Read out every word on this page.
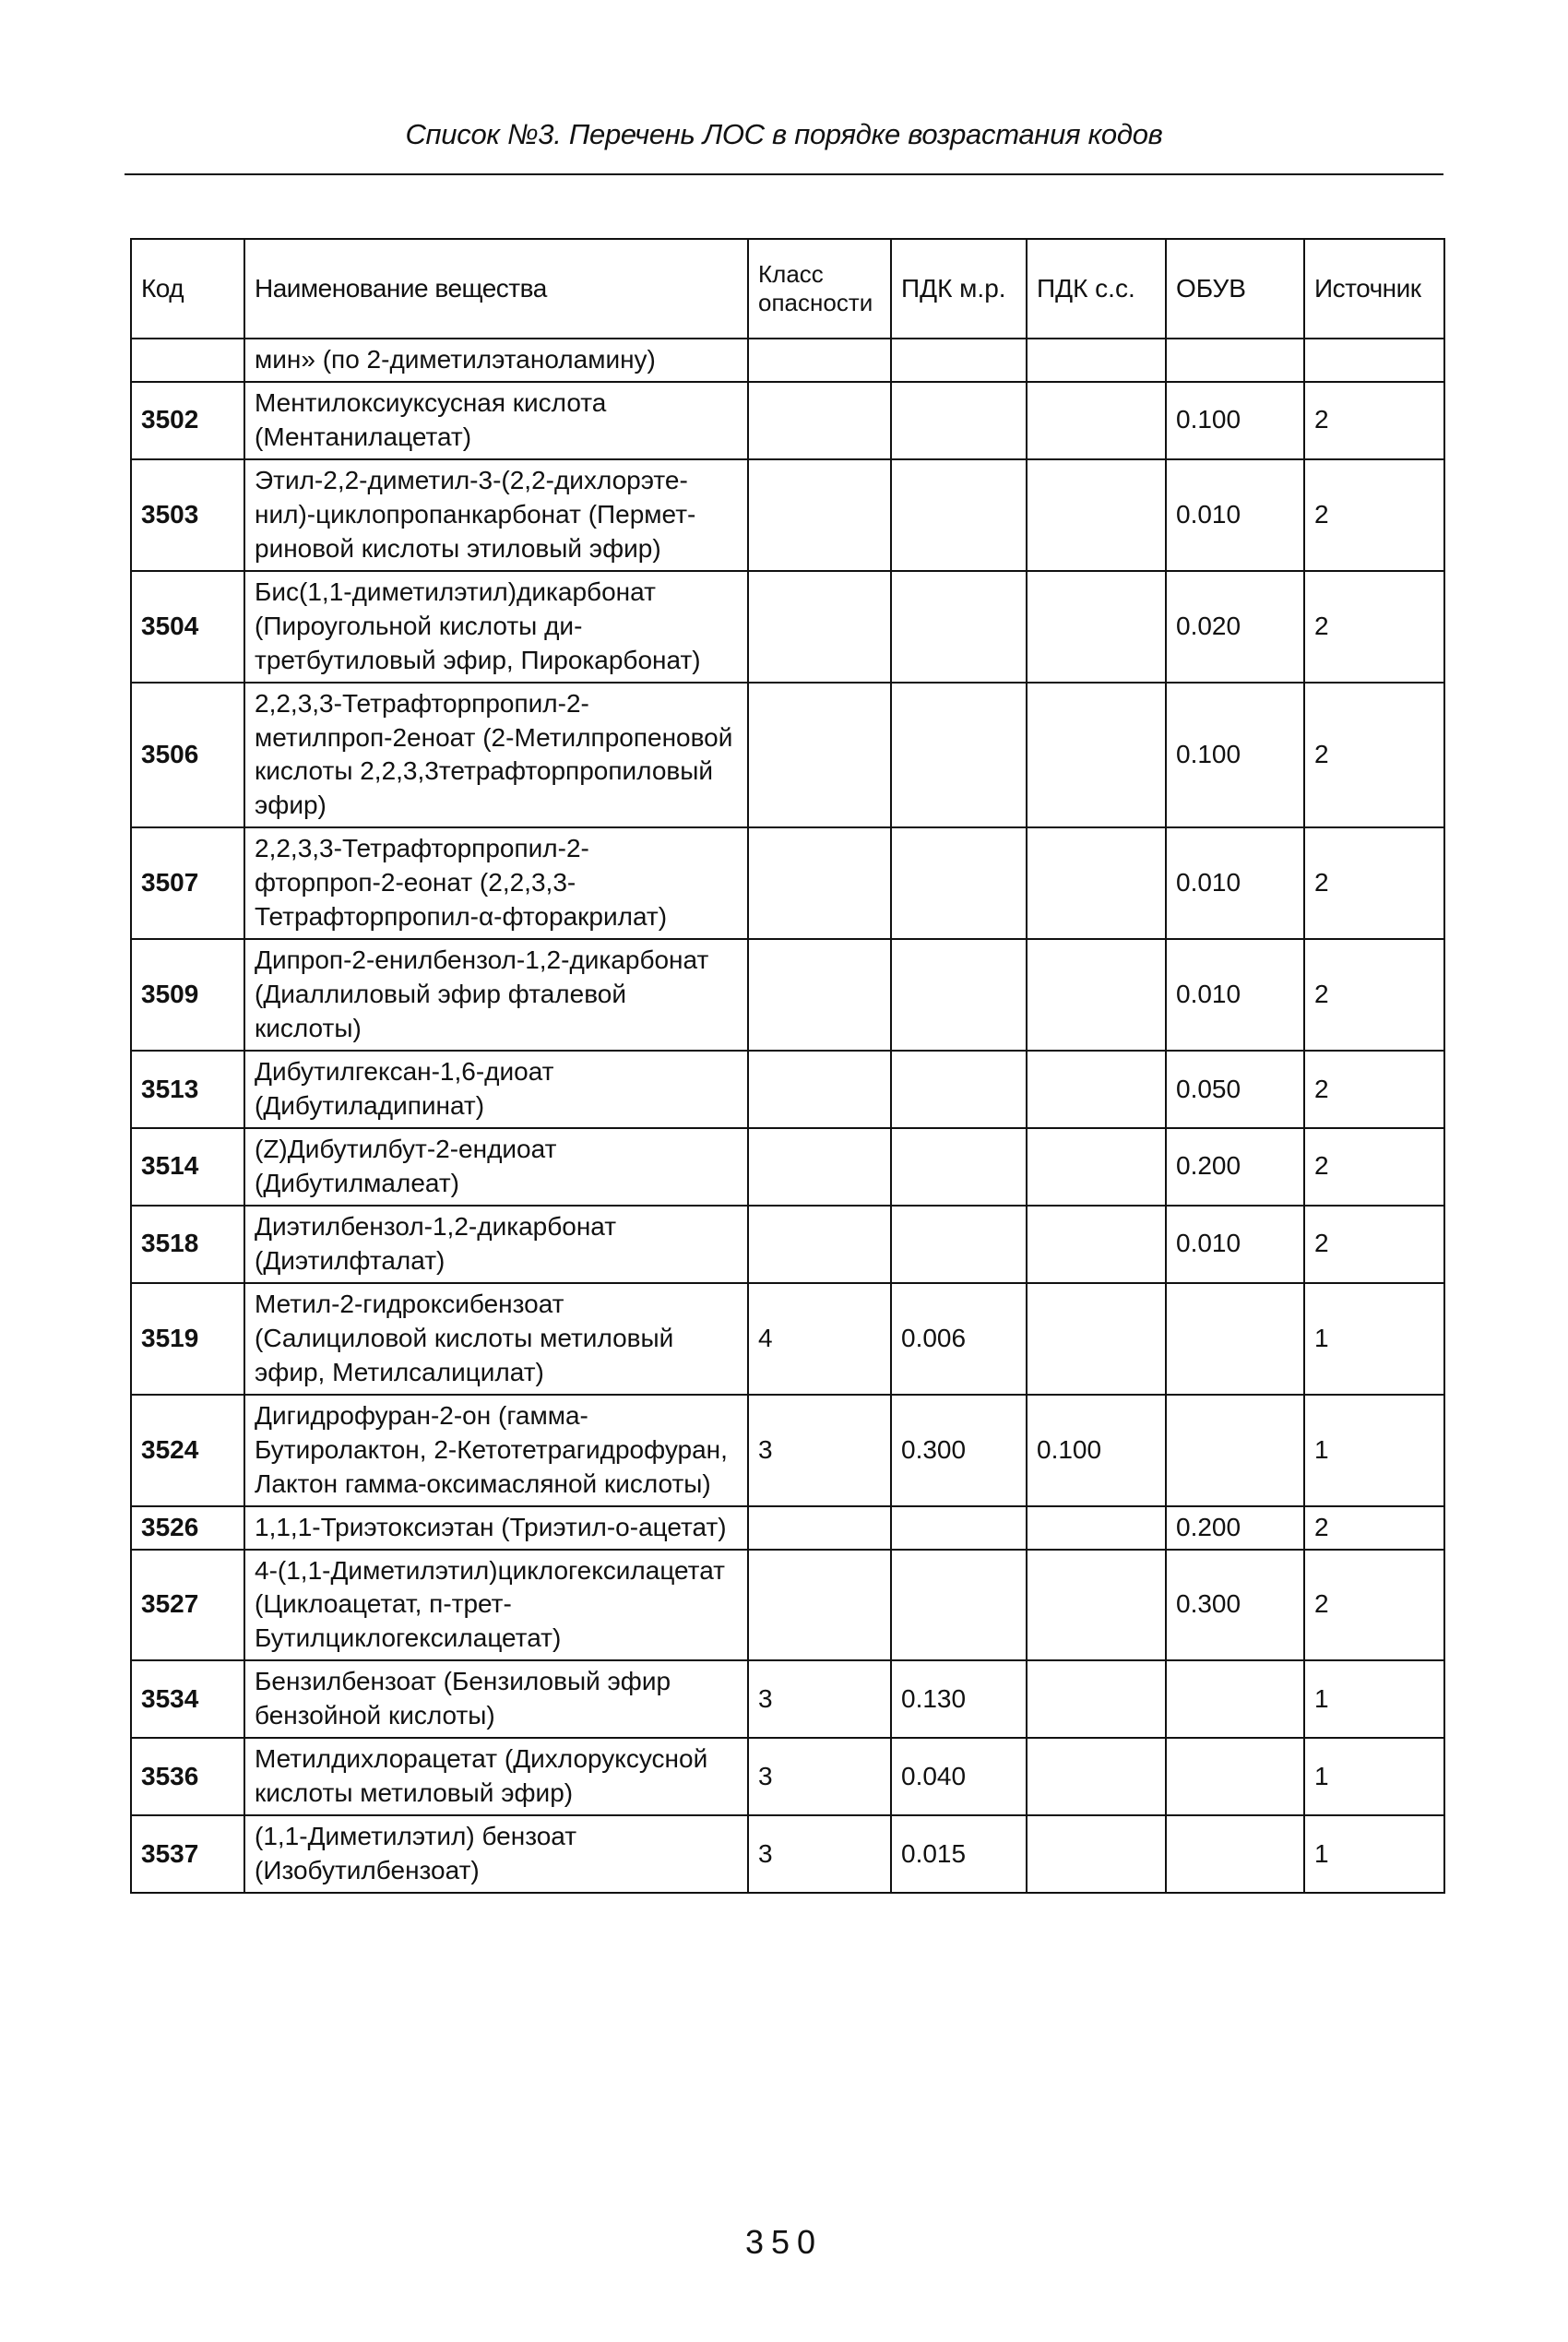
Список №3. Перечень ЛОС в порядке возрастания кодов
Код	Наименование вещества	Класс опасности	ПДК м.р.	ПДК с.с.	ОБУВ	Источник
	мин» (по 2-диметилэтаноламину)					
3502	Ментилоксиуксусная кислота (Ментанилацетат)				0.100	2
3503	Этил-2,2-диметил-3-(2,2-дихлорэте-нил)-циклопропанкарбонат (Пермет-риновой кислоты этиловый эфир)				0.010	2
3504	Бис(1,1-диметилэтил)дикарбонат (Пироугольной кислоты ди-третбутиловый эфир, Пирокарбонат)				0.020	2
3506	2,2,3,3-Тетрафторпропил-2-метилпроп-2еноат (2-Метилпропеновой кислоты 2,2,3,3тетрафторпропиловый эфир)				0.100	2
3507	2,2,3,3-Тетрафторпропил-2-фторпроп-2-еонат (2,2,3,3-Тетрафторпропил-α-фторакрилат)				0.010	2
3509	Дипроп-2-енилбензол-1,2-дикарбонат (Диаллиловый эфир фталевой кислоты)				0.010	2
3513	Дибутилгексан-1,6-диоат (Дибутиладипинат)				0.050	2
3514	(Z)Дибутилбут-2-ендиоат (Дибутилмалеат)				0.200	2
3518	Диэтилбензол-1,2-дикарбонат (Диэтилфталат)				0.010	2
3519	Метил-2-гидроксибензоат (Салициловой кислоты метиловый эфир, Метилсалицилат)	4	0.006			1
3524	Дигидрофуран-2-он (гамма-Бутиролактон, 2-Кетотетрагидрофуран, Лактон гамма-оксимасляной кислоты)	3	0.300	0.100		1
3526	1,1,1-Триэтоксиэтан (Триэтил-о-ацетат)				0.200	2
3527	4-(1,1-Диметилэтил)циклогексилацетат (Циклоацетат, п-трет-Бутилциклогексилацетат)				0.300	2
3534	Бензилбензоат (Бензиловый эфир бензойной кислоты)	3	0.130			1
3536	Метилдихлорацетат (Дихлоруксусной кислоты метиловый эфир)	3	0.040			1
3537	(1,1-Диметилэтил) бензоат (Изобутилбензоат)	3	0.015			1
350
